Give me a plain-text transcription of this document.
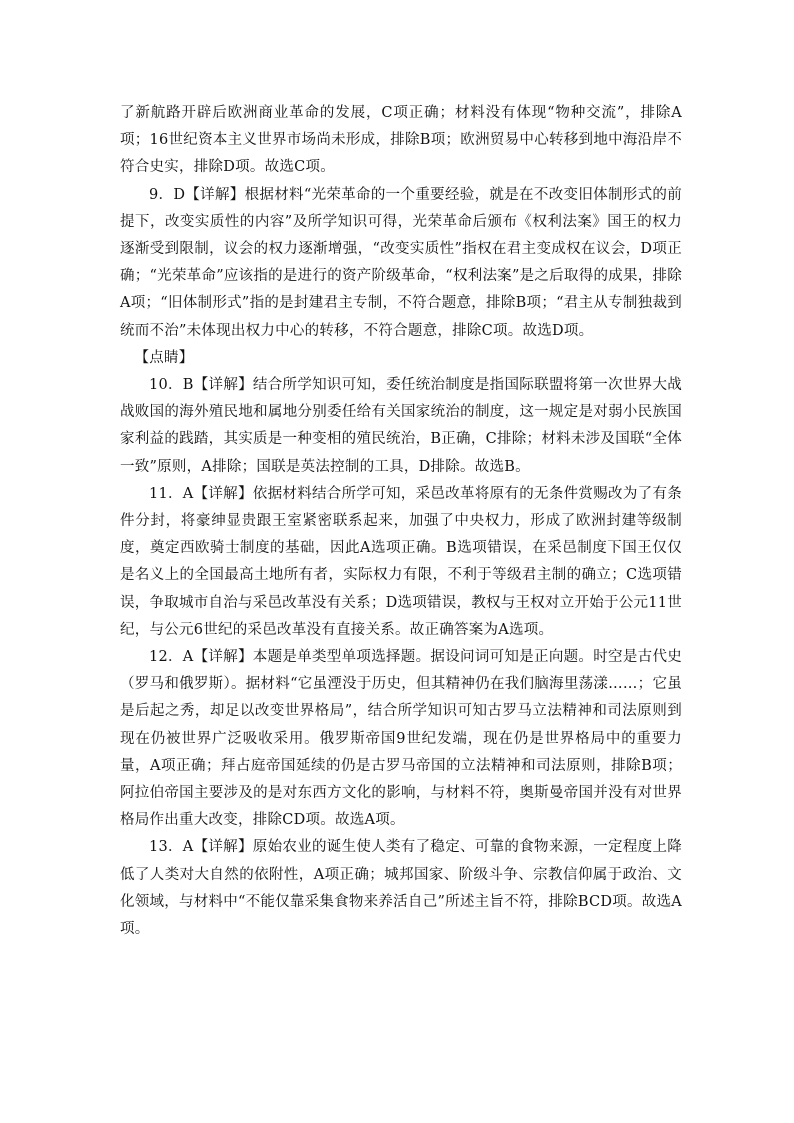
了新航路开辟后欧洲商业革命的发展，C项正确；材料没有体现“物种交流”，排除A项；16世纪资本主义世界市场尚未形成，排除B项；欧洲贸易中心转移到地中海沿岸不符合史实，排除D项。故选C项。

9．D【详解】根据材料“光荣革命的一个重要经验，就是在不改变旧体制形式的前提下，改变实质性的内容”及所学知识可得，光荣革命后颁布《权利法案》国王的权力逐渐受到限制，议会的权力逐渐增强，“改变实质性”指权在君主变成权在议会，D项正确；“光荣革命”应该指的是进行的资产阶级革命，“权利法案”是之后取得的成果，排除A项；“旧体制形式”指的是封建君主专制，不符合题意，排除B项；“君主从专制独裁到统而不治”未体现出权力中心的转移，不符合题意，排除C项。故选D项。

【点睛】

10．B【详解】结合所学知识可知，委任统治制度是指国际联盟将第一次世界大战战败国的海外殖民地和属地分别委任给有关国家统治的制度，这一规定是对弱小民族国家利益的践踏，其实质是一种变相的殖民统治，B正确，C排除；材料未涉及国联“全体一致”原则，A排除；国联是英法控制的工具，D排除。故选B。

11．A【详解】依据材料结合所学可知，采邑改革将原有的无条件赏赐改为了有条件分封，将豪绅显贵跟王室紧密联系起来，加强了中央权力，形成了欧洲封建等级制度，奠定西欧骑士制度的基础，因此A选项正确。B选项错误，在采邑制度下国王仅仅是名义上的全国最高土地所有者，实际权力有限，不利于等级君主制的确立；C选项错误，争取城市自治与采邑改革没有关系；D选项错误，教权与王权对立开始于公元11世纪，与公元6世纪的采邑改革没有直接关系。故正确答案为A选项。

12．A【详解】本题是单类型单项选择题。据设问词可知是正向题。时空是古代史（罗马和俄罗斯）。据材料“它虽湮没于历史，但其精神仍在我们脑海里荡漾……；它虽是后起之秀，却足以改变世界格局”，结合所学知识可知古罗马立法精神和司法原则到现在仍被世界广泛吸收采用。俄罗斯帝国9世纪发端，现在仍是世界格局中的重要力量，A项正确；拜占庭帝国延续的仍是古罗马帝国的立法精神和司法原则，排除B项；阿拉伯帝国主要涉及的是对东西方文化的影响，与材料不符，奥斯曼帝国并没有对世界格局作出重大改变，排除CD项。故选A项。

13．A【详解】原始农业的诞生使人类有了稳定、可靠的食物来源，一定程度上降低了人类对大自然的依附性，A项正确；城邦国家、阶级斗争、宗教信仰属于政治、文化领域，与材料中“不能仅靠采集食物来养活自己”所述主旨不符，排除BCD项。故选A项。
